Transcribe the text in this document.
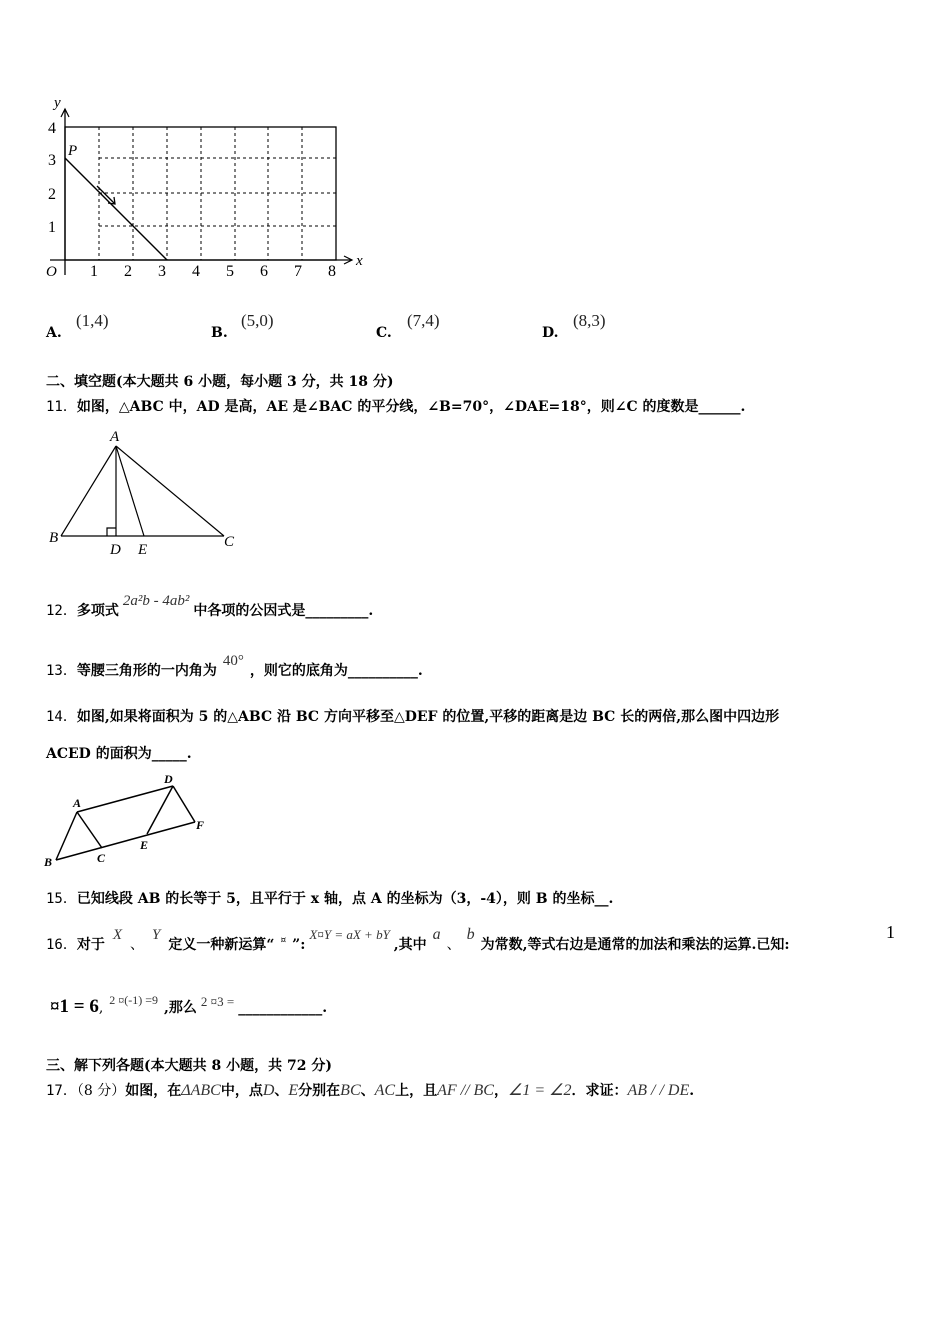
y
x
O
P
4
3
2
1
1 2 3 4 5 6 7 8
A.
(1,4)
B.
(5,0)
C.
(7,4)
D.
(8,3)
二、填空题(本大题共 6 小题，每小题 3 分，共 18 分)
11．如图，△ABC 中，AD 是高，AE 是∠BAC 的平分线，∠B=70°，∠DAE=18°，则∠C 的度数是______.
A
B	C
D E
12．多项式2a²b - 4ab²中各项的公因式是_________.
13．等腰三角形的一内角为40°，则它的底角为__________.
14．如图,如果将面积为 5 的△ABC 沿 BC 方向平移至△DEF 的位置,平移的距离是边 BC 长的两倍,那么图中四边形
ACED 的面积为_____.
A
B	C
D
E
F
15．已知线段 AB 的长等于 5，且平行于 x 轴，点 A 的坐标为（3，-4），则 B 的坐标__.
16．对于X、Y定义一种新运算“ ¤ ”:X¤Y = aX + bY,其中a、b为常数,等式右边是通常的加法和乘法的运算.已知:
1
¤1 = 6, 2 ¤(-1) =9 ,那么 2 ¤3 = ____________.
三、解下列各题(本大题共 8 小题，共 72 分)
17．（8 分）如图，在ΔABC中，点D、E分别在BC、AC上，且AF // BC，∠1 = ∠2．求证：AB / / DE.
